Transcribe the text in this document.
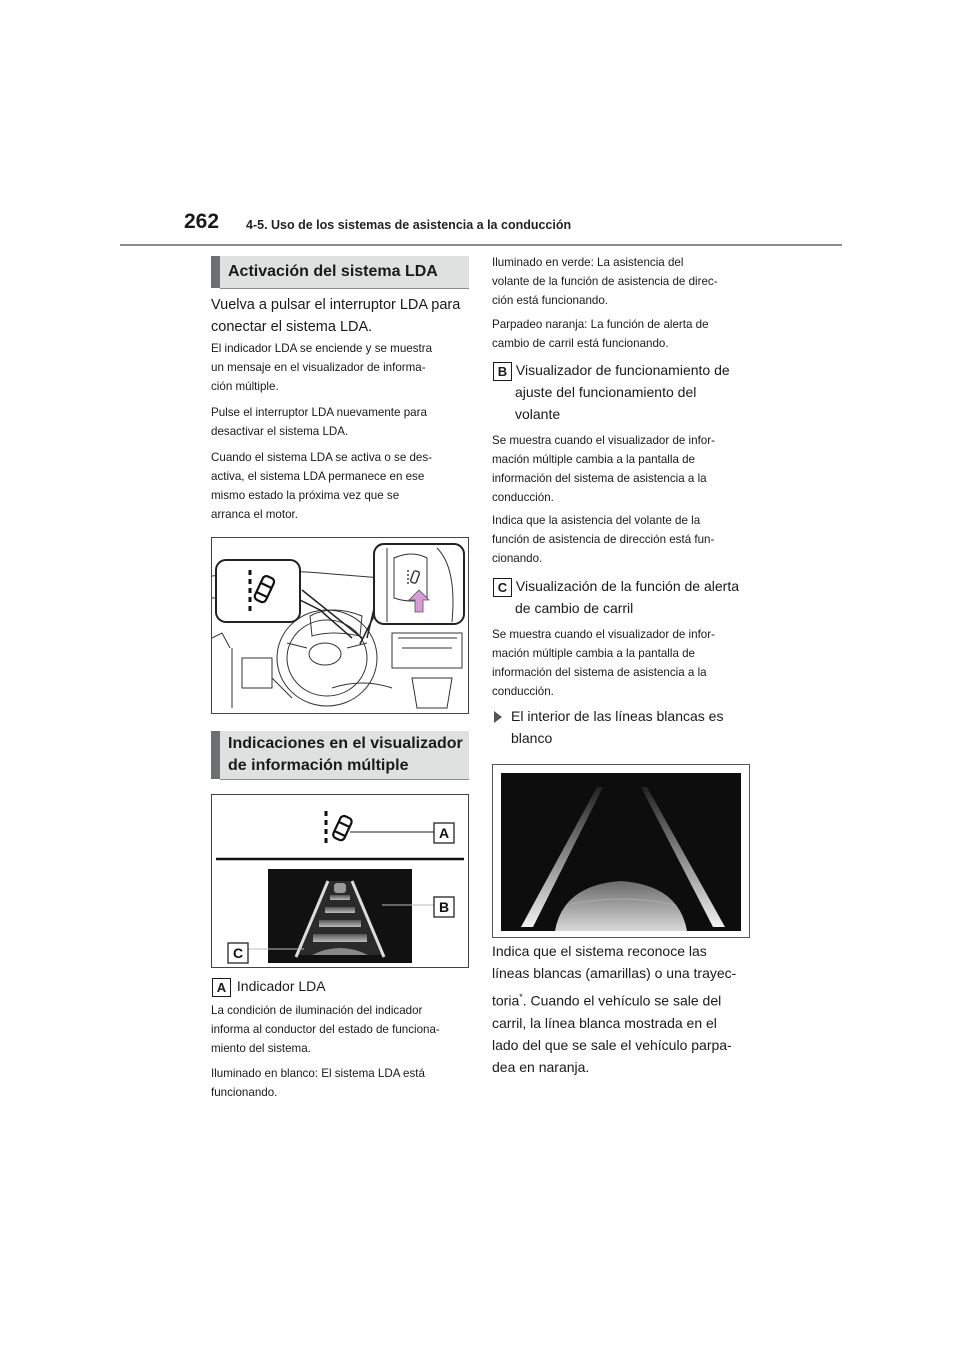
262 4-5. Uso de los sistemas de asistencia a la conducción
Activación del sistema LDA
Vuelva a pulsar el interruptor LDA para
conectar el sistema LDA.
El indicador LDA se enciende y se muestra
un mensaje en el visualizador de informa-
ción múltiple.
Pulse el interruptor LDA nuevamente para
desactivar el sistema LDA.
Cuando el sistema LDA se activa o se des-
activa, el sistema LDA permanece en ese
mismo estado la próxima vez que se
arranca el motor.
Indicaciones en el visualizador
de información múltiple
A
B
C
A Indicador LDA
La condición de iluminación del indicador
informa al conductor del estado de funciona-
miento del sistema.
Iluminado en blanco: El sistema LDA está
funcionando.
Iluminado en verde: La asistencia del
volante de la función de asistencia de direc-
ción está funcionando.
Parpadeo naranja: La función de alerta de
cambio de carril está funcionando.
B Visualizador de funcionamiento de
ajuste del funcionamiento del
volante
Se muestra cuando el visualizador de infor-
mación múltiple cambia a la pantalla de
información del sistema de asistencia a la
conducción.
Indica que la asistencia del volante de la
función de asistencia de dirección está fun-
cionando.
C Visualización de la función de alerta
de cambio de carril
Se muestra cuando el visualizador de infor-
mación múltiple cambia a la pantalla de
información del sistema de asistencia a la
conducción.
El interior de las líneas blancas es
blanco
Indica que el sistema reconoce las
líneas blancas (amarillas) o una trayec-
toria*. Cuando el vehículo se sale del
carril, la línea blanca mostrada en el
lado del que se sale el vehículo parpa-
dea en naranja.
